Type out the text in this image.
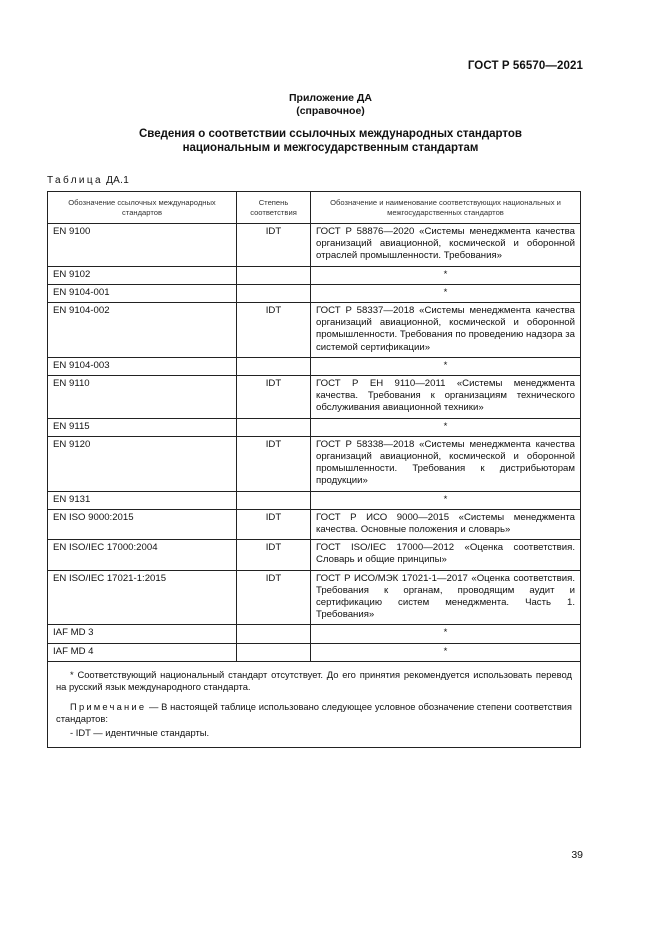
ГОСТ Р 56570—2021
Приложение ДА
(справочное)
Сведения о соответствии ссылочных международных стандартов
национальным и межгосударственным стандартам
Таблица ДА.1
Обозначение ссылочных международных стандартов	Степень соответствия	Обозначение и наименование соответствующих национальных и межгосударственных стандартов
EN 9100	IDT	ГОСТ Р 58876—2020 «Системы менеджмента качества организаций авиационной, космической и оборонной отраслей промышленности. Требования»
EN 9102		*
EN 9104-001		*
EN 9104-002	IDT	ГОСТ Р 58337—2018 «Системы менеджмента качества организаций авиационной, космической и оборонной промышленности. Требования по проведению надзора за системой сертификации»
EN 9104-003		*
EN 9110	IDT	ГОСТ Р ЕН 9110—2011 «Системы менеджмента качества. Требования к организациям технического обслуживания авиационной техники»
EN 9115		*
EN 9120	IDT	ГОСТ Р 58338—2018 «Системы менеджмента качества организаций авиационной, космической и оборонной промышленности. Требования к дистрибьюторам продукции»
EN 9131		*
EN ISO 9000:2015	IDT	ГОСТ Р ИСО 9000—2015 «Системы менеджмента качества. Основные положения и словарь»
EN ISO/IEC 17000:2004	IDT	ГОСТ ISO/IEC 17000—2012 «Оценка соответствия. Словарь и общие принципы»
EN ISO/IEC 17021-1:2015	IDT	ГОСТ Р ИСО/МЭК 17021-1—2017 «Оценка соответствия. Требования к органам, проводящим аудит и сертификацию систем менеджмента. Часть 1. Требования»
IAF MD 3		*
IAF MD 4		*

* Соответствующий национальный стандарт отсутствует. До его принятия рекомендуется использовать перевод на русский язык международного стандарта.
Примечание — В настоящей таблице использовано следующее условное обозначение степени соответствия стандартов:
- IDT — идентичные стандарты.		
39
